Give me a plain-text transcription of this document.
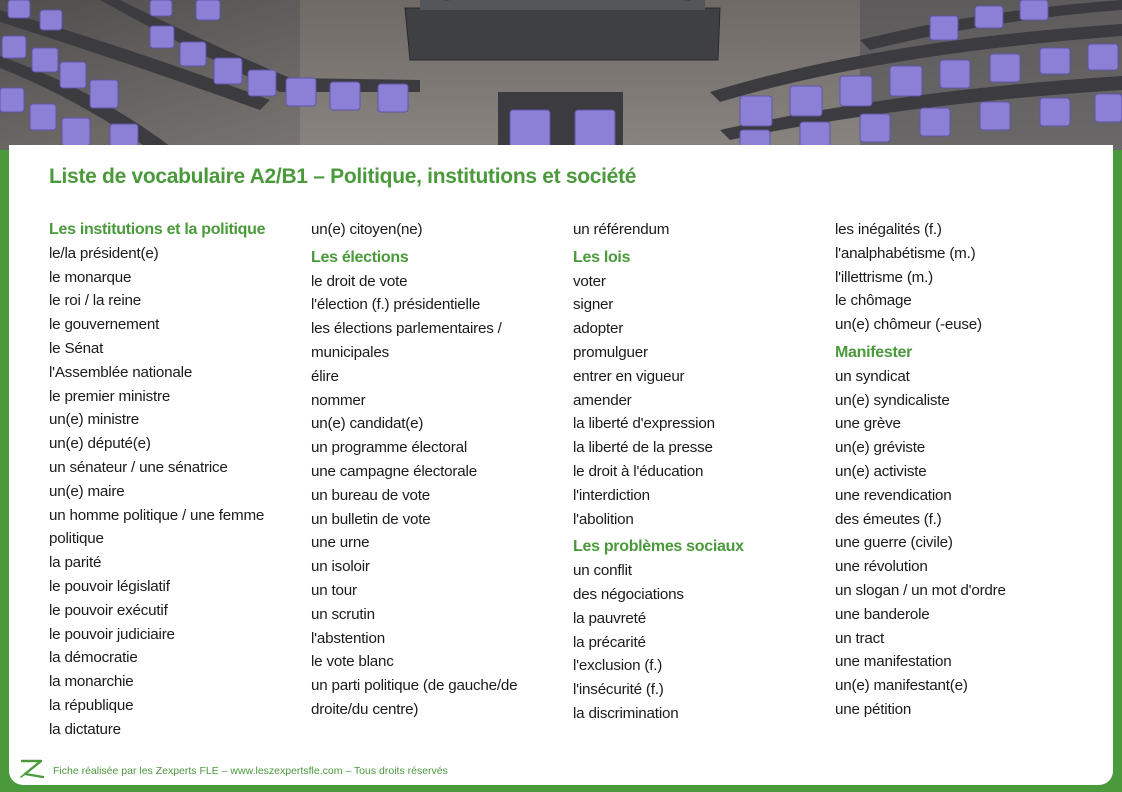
Liste de vocabulaire A2/B1 – Politique, institutions et société
Les institutions et la politique
le/la président(e)
le monarque
le roi / la reine
le gouvernement
le Sénat
l'Assemblée nationale
le premier ministre
un(e) ministre
un(e) député(e)
un sénateur / une sénatrice
un(e) maire
un homme politique / une femme
politique
la parité
le pouvoir législatif
le pouvoir exécutif
le pouvoir judiciaire
la démocratie
la monarchie
la république
la dictature
un(e) citoyen(ne)
Les élections
le droit de vote
l'élection (f.) présidentielle
les élections parlementaires /
municipales
élire
nommer
un(e) candidat(e)
un programme électoral
une campagne électorale
un bureau de vote
un bulletin de vote
une urne
un isoloir
un tour
un scrutin
l'abstention
le vote blanc
un parti politique (de gauche/de
droite/du centre)
un référendum
Les lois
voter
signer
adopter
promulguer
entrer en vigueur
amender
la liberté d'expression
la liberté de la presse
le droit à l'éducation
l'interdiction
l'abolition
Les problèmes sociaux
un conflit
des négociations
la pauvreté
la précarité
l'exclusion (f.)
l'insécurité (f.)
la discrimination
les inégalités (f.)
l'analphabétisme (m.)
l'illettrisme (m.)
le chômage
un(e) chômeur (-euse)
Manifester
un syndicat
un(e) syndicaliste
une grève
un(e) gréviste
un(e) activiste
une revendication
des émeutes (f.)
une guerre (civile)
une révolution
un slogan / un mot d'ordre
une banderole
un tract
une manifestation
un(e) manifestant(e)
une pétition
Fiche réalisée par les Zexperts FLE – www.leszexpertsfle.com – Tous droits réservés
